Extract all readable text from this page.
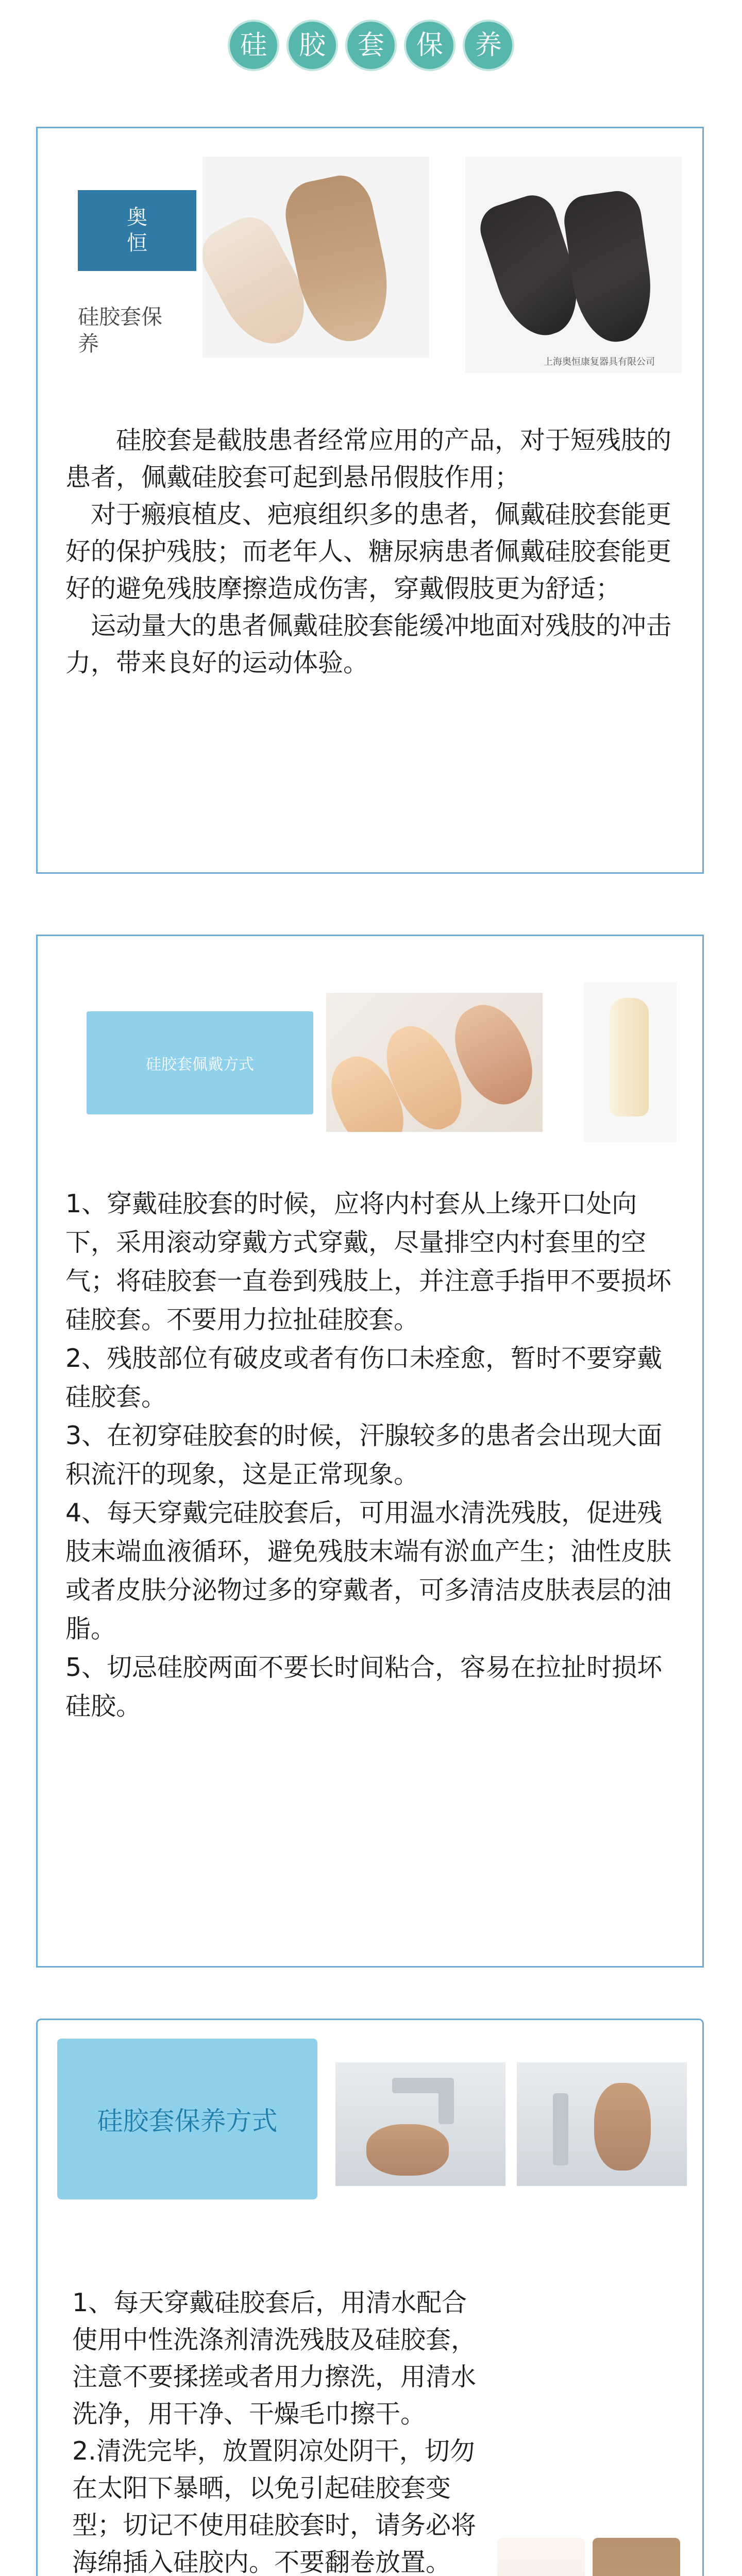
硅	胶	套	保	养
奥
恒
硅胶套保
养
上海奥恒康复器具有限公司
　　硅胶套是截肢患者经常应用的产品，对于短残肢的患者，佩戴硅胶套可起到悬吊假肢作用；
　对于瘢痕植皮、疤痕组织多的患者，佩戴硅胶套能更好的保护残肢；而老年人、糖尿病患者佩戴硅胶套能更好的避免残肢摩擦造成伤害，穿戴假肢更为舒适；
　运动量大的患者佩戴硅胶套能缓冲地面对残肢的冲击力，带来良好的运动体验。
硅胶套佩戴方式
1、穿戴硅胶套的时候，应将内村套从上缘开口处向下，采用滚动穿戴方式穿戴，尽量排空内村套里的空气；将硅胶套一直卷到残肢上，并注意手指甲不要损坏硅胶套。不要用力拉扯硅胶套。
2、残肢部位有破皮或者有伤口未痊愈，暂时不要穿戴硅胶套。
3、在初穿硅胶套的时候，汗腺较多的患者会出现大面积流汗的现象，这是正常现象。
4、每天穿戴完硅胶套后，可用温水清洗残肢，促进残肢末端血液循环，避免残肢末端有淤血产生；油性皮肤或者皮肤分泌物过多的穿戴者，可多清洁皮肤表层的油脂。
5、切忌硅胶两面不要长时间粘合，容易在拉扯时损坏硅胶。
硅胶套保养方式
1、每天穿戴硅胶套后，用清水配合使用中性洗涤剂清洗残肢及硅胶套，注意不要揉搓或者用力擦洗，用清水洗净，用干净、干燥毛巾擦干。
2.清洗完毕，放置阴凉处阴干，切勿在太阳下暴晒，以免引起硅胶套变型；切记不使用硅胶套时，请务必将海绵插入硅胶内。不要翻卷放置。
